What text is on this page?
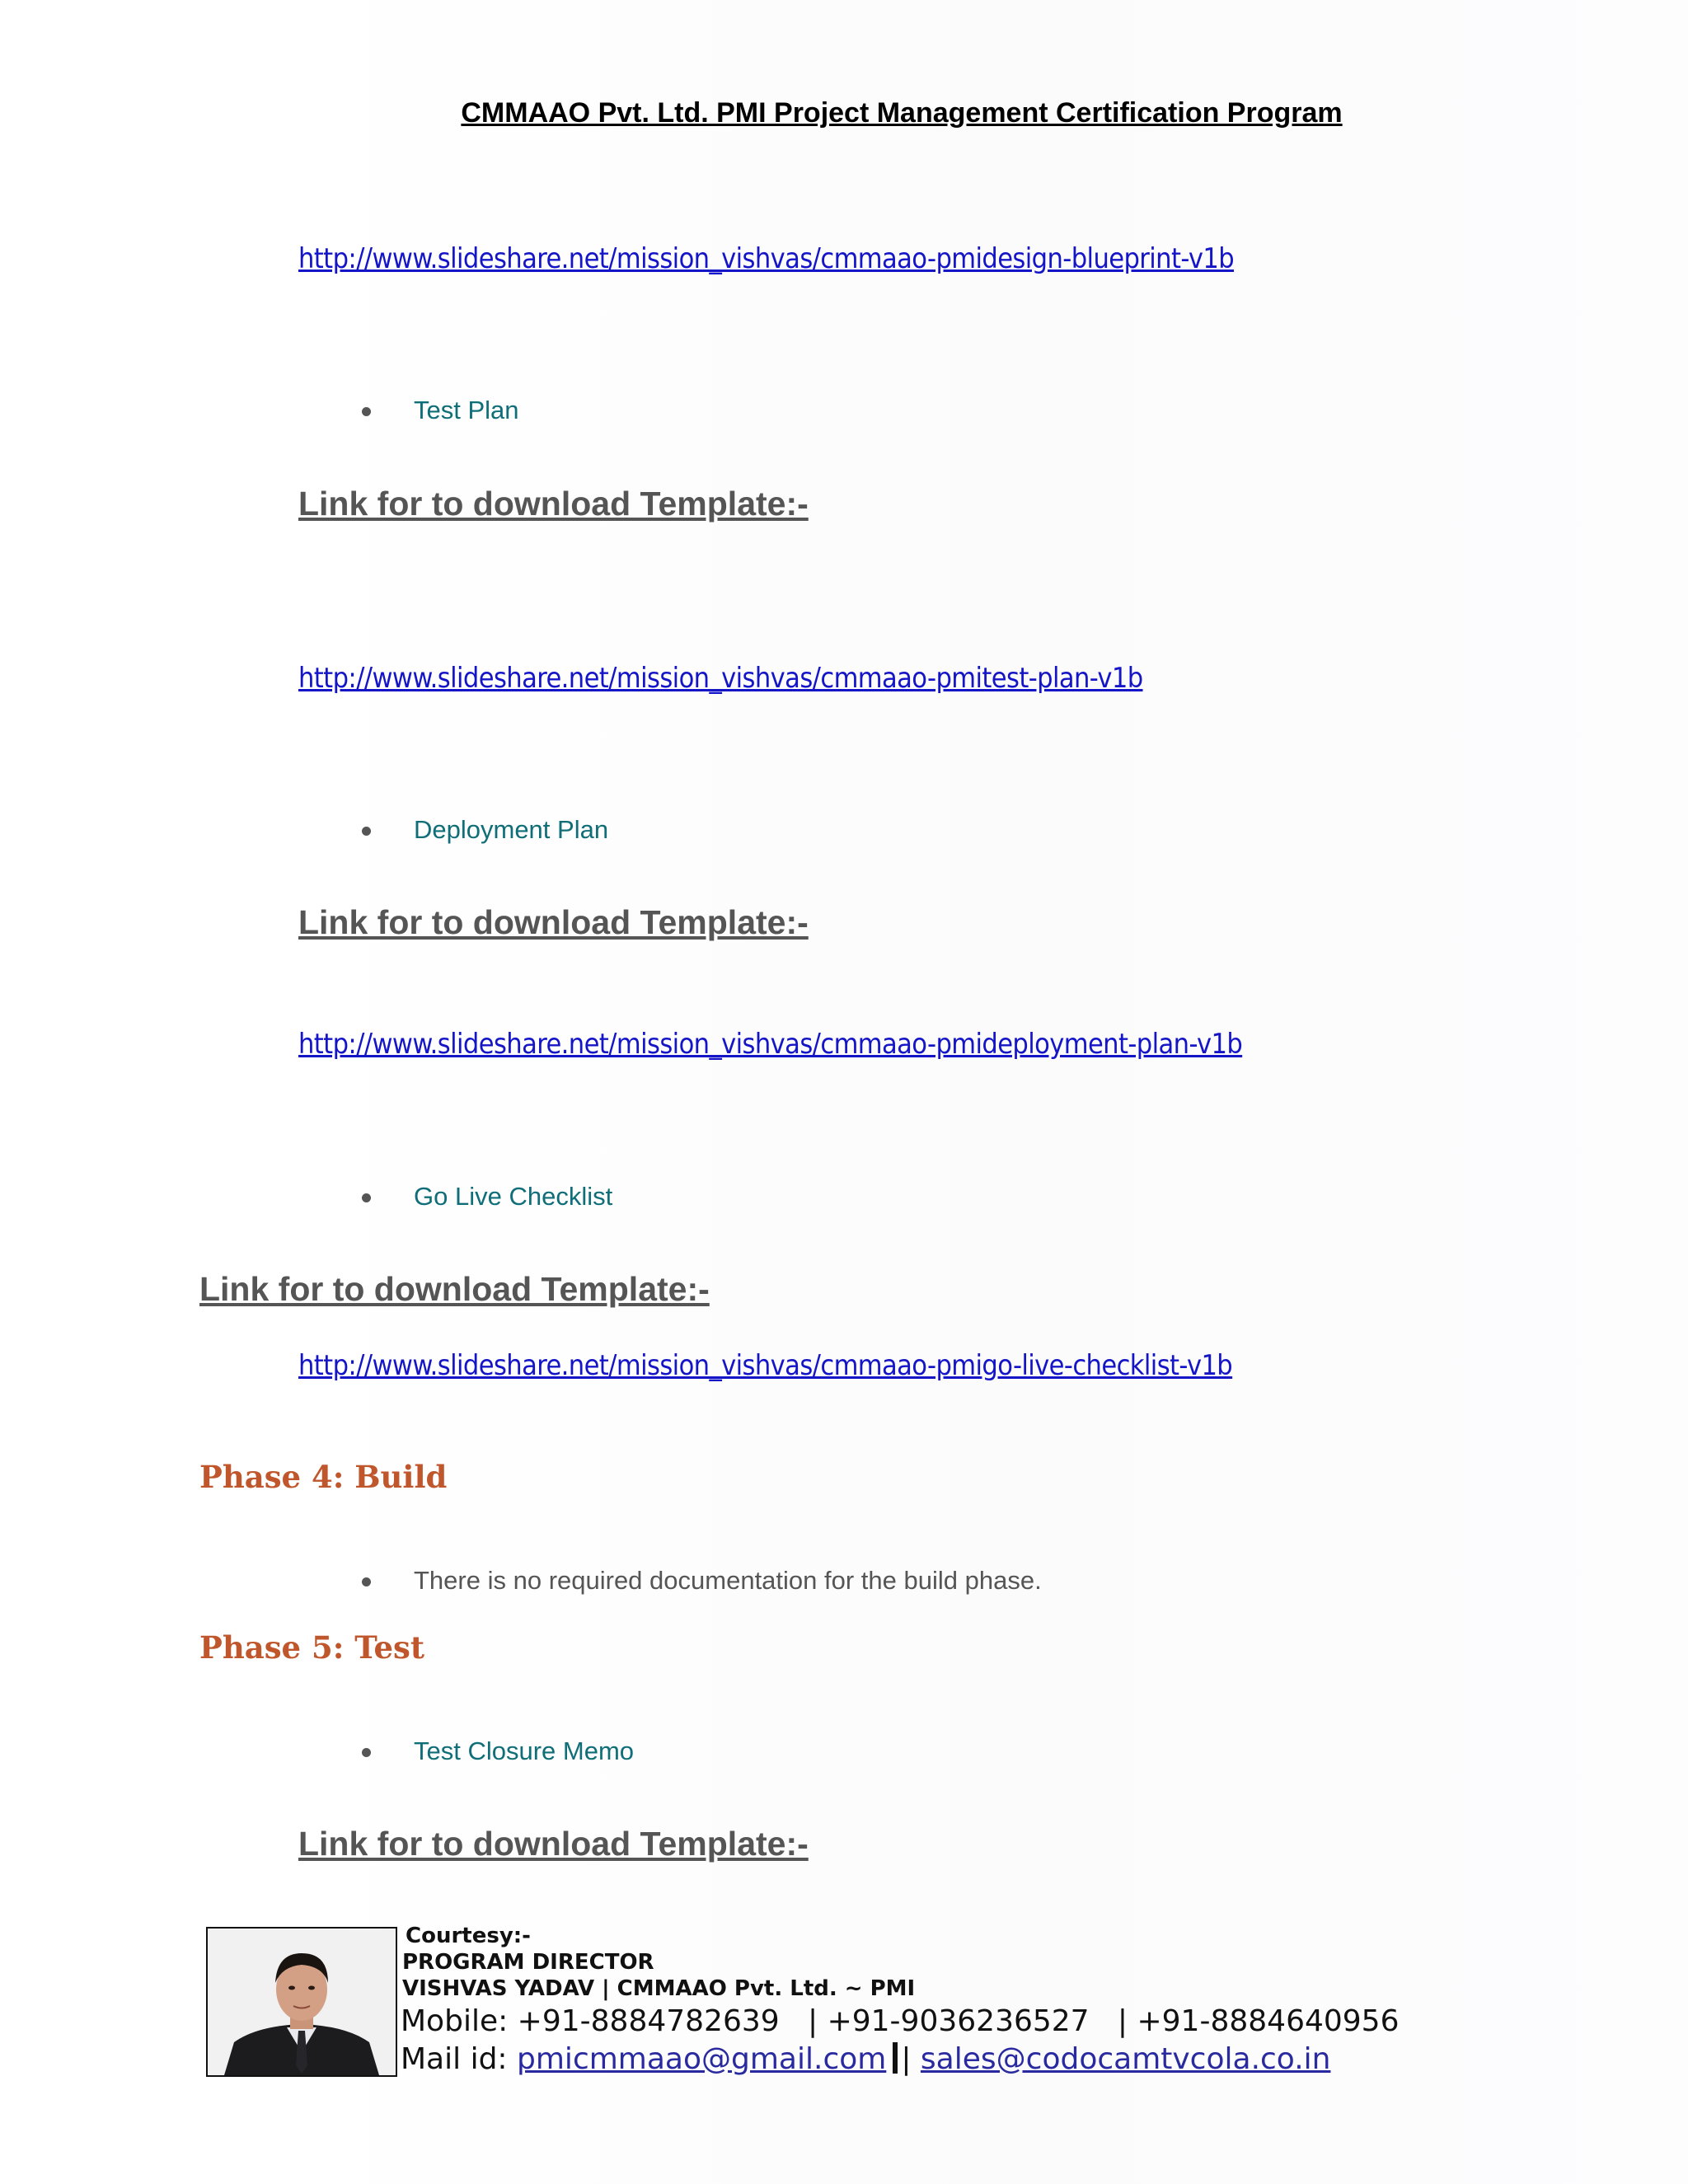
CMMAAO Pvt. Ltd. PMI Project Management Certification Program
http://www.slideshare.net/mission_vishvas/cmmaao-pmidesign-blueprint-v1b
Test Plan
Link for to download Template:-
http://www.slideshare.net/mission_vishvas/cmmaao-pmitest-plan-v1b
Deployment Plan
Link for to download Template:-
http://www.slideshare.net/mission_vishvas/cmmaao-pmideployment-plan-v1b
Go Live Checklist
Link for to download Template:-
http://www.slideshare.net/mission_vishvas/cmmaao-pmigo-live-checklist-v1b
Phase 4: Build
There is no required documentation for the build phase.
Phase 5: Test
Test Closure Memo
Link for to download Template:-
Courtesy:-
PROGRAM DIRECTOR
VISHVAS YADAV | CMMAAO Pvt. Ltd. ~ PMI
Mobile: +91-8884782639   | +91-9036236527   | +91-8884640956
Mail id: pmicmmaao@gmail.com | sales@codocamtvcola.co.in
